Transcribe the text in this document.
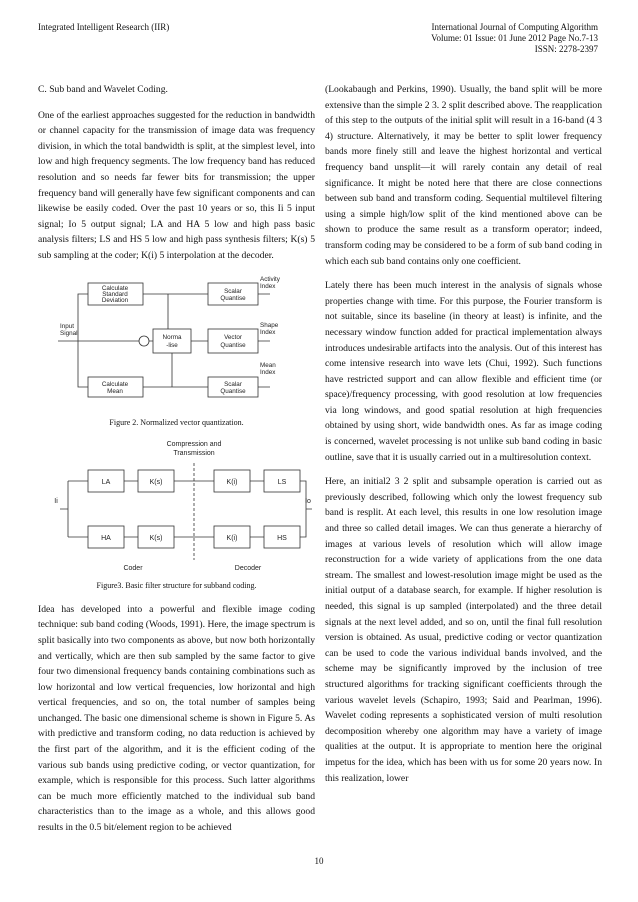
Integrated Intelligent Research (IIR)	International Journal of Computing Algorithm
Volume: 01 Issue: 01 June 2012 Page No.7-13
ISSN: 2278-2397
C. Sub band and Wavelet Coding.

One of the earliest approaches suggested for the reduction in bandwidth or channel capacity for the transmission of image data was frequency division, in which the total bandwidth is split, at the simplest level, into low and high frequency segments. The low frequency band has reduced resolution and so needs far fewer bits for transmission; the upper frequency band will generally have few significant components and can likewise be easily coded. Over the past 10 years or so, this Ii 5 input signal; Io 5 output signal; LA and HA 5 low and high pass basic analysis filters; LS and HS 5 low and high pass synthesis filters; K(s) 5 sub sampling at the coder; K(i) 5 interpolation at the decoder.

Calculate
Standard
Deviation
Scalar
Quantise
Norma
-lise
Vector
Quantise
Calculate
Mean
Scalar
Quantise
Input
Signal
Activity
Index
Shape
Index
Mean
Index
Figure 2. Normalized vector quantization.
Compression and
Transmission
LA	K(s)	K(i)	LS
HA	K(s)	K(i)	HS
Ii	Io
Coder	Decoder
Figure3. Basic filter structure for subband coding.

Idea has developed into a powerful and flexible image coding technique: sub band coding (Woods, 1991). Here, the image spectrum is split basically into two components as above, but now both horizontally and vertically, which are then sub sampled by the same factor to give four two dimensional frequency bands containing combinations such as low horizontal and low vertical frequencies, low horizontal and high vertical frequencies, and so on, the total number of samples being unchanged. The basic one dimensional scheme is shown in Figure 5. As with predictive and transform coding, no data reduction is achieved by the first part of the algorithm, and it is the efficient coding of the various sub bands using predictive coding, or vector quantization, for example, which is responsible for this process. Such latter algorithms can be much more efficiently matched to the individual sub band characteristics than to the image as a whole, and this allows good results in the 0.5 bit/element region to be achieved

(Lookabaugh and Perkins, 1990). Usually, the band split will be more extensive than the simple 2 3. 2 split described above. The reapplication of this step to the outputs of the initial split will result in a 16-band (4 3 4) structure. Alternatively, it may be better to split lower frequency bands more finely still and leave the highest horizontal and vertical frequency band unsplit—it will rarely contain any detail of real significance. It might be noted here that there are close connections between sub band and transform coding. Sequential multilevel filtering using a simple high/low split of the kind mentioned above can be shown to produce the same result as a transform operator; indeed, transform coding may be considered to be a form of sub band coding in which each sub band contains only one coefficient.

Lately there has been much interest in the analysis of signals whose properties change with time. For this purpose, the Fourier transform is not suitable, since its baseline (in theory at least) is infinite, and the necessary window function added for practical implementation always introduces undesirable artifacts into the analysis. Out of this interest has come intensive research into wave lets (Chui, 1992). Such functions have restricted support and can allow flexible and efficient time (or space)/frequency processing, with good resolution at low frequencies via long windows, and good spatial resolution at high frequencies obtained by using short, wide bandwidth ones. As far as image coding is concerned, wavelet processing is not unlike sub band coding in basic outline, save that it is usually carried out in a multiresolution context.

Here, an initial2 3 2 split and subsample operation is carried out as previously described, following which only the lowest frequency sub band is resplit. At each level, this results in one low resolution image and three so called detail images. We can thus generate a hierarchy of images at various levels of resolution which will allow image reconstruction for a wide variety of applications from the one data stream. The smallest and lowest-resolution image might be used as the initial output of a database search, for example. If higher resolution is needed, this signal is up sampled (interpolated) and the three detail signals at the next level added, and so on, until the final full resolution version is obtained. As usual, predictive coding or vector quantization can be used to code the various individual bands involved, and the scheme may be significantly improved by the inclusion of tree structured algorithms for tracking significant coefficients through the various wavelet levels (Schapiro, 1993; Said and Pearlman, 1996). Wavelet coding represents a sophisticated version of multi resolution decomposition whereby one algorithm may have a variety of image qualities at the output. It is appropriate to mention here the original impetus for the idea, which has been with us for some 20 years now. In this realization, lower

10
